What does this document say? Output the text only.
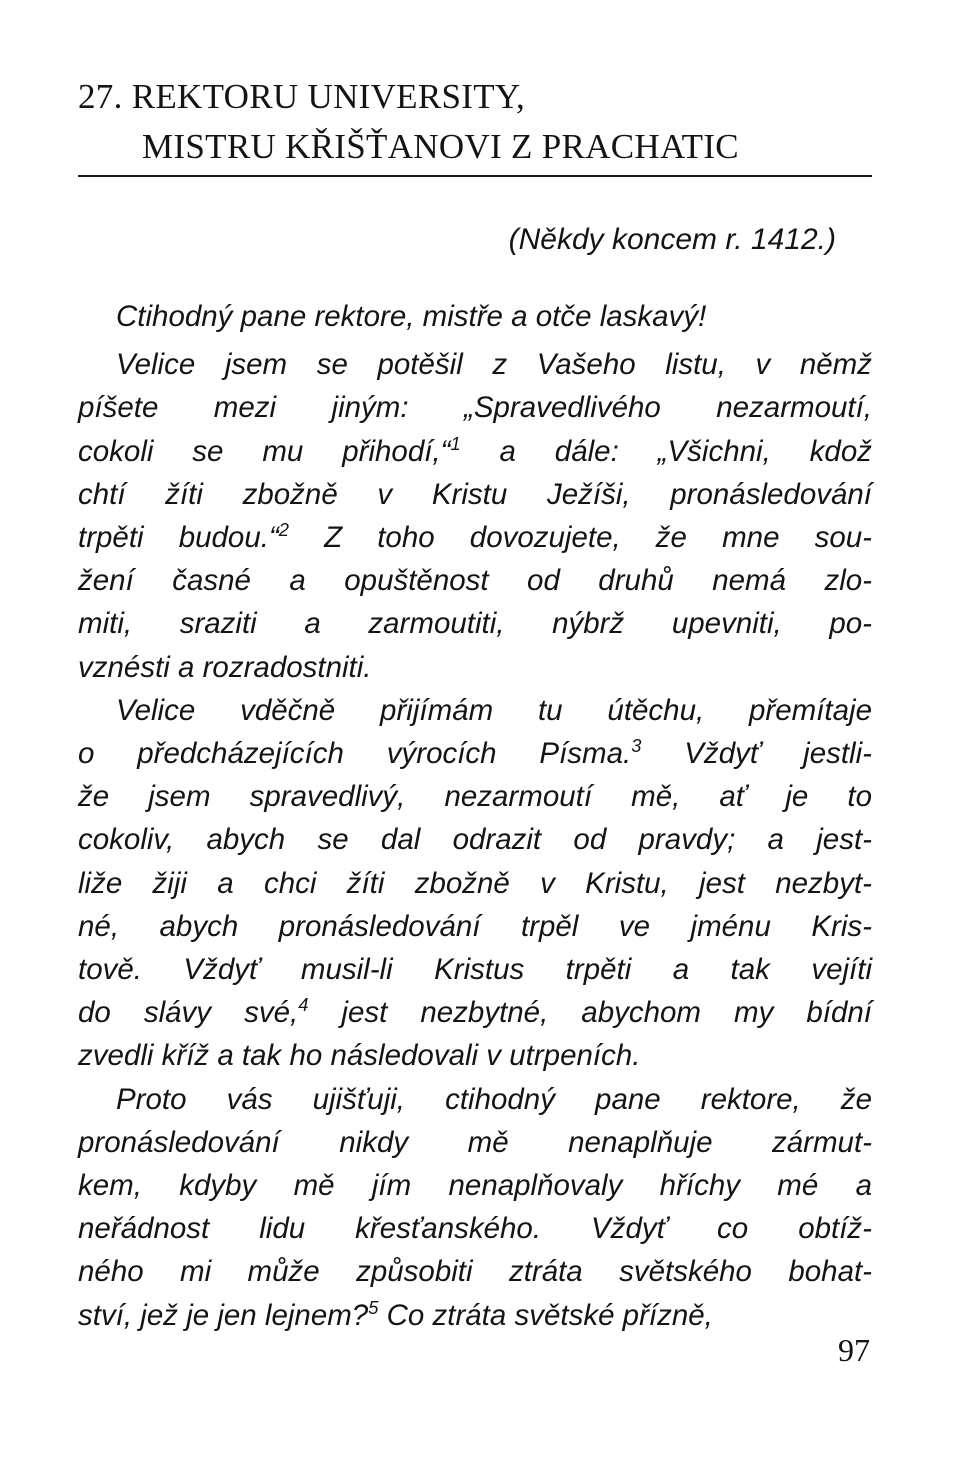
27. REKTORU UNIVERSITY,
MISTRU KŘIŠŤANOVI Z PRACHATIC
(Někdy koncem r. 1412.)
Ctihodný pane rektore, mistře a otče laskavý!
Velice jsem se potěšil z Vašeho listu, v němž
píšete mezi jiným: „Spravedlivého nezarmoutí,
cokoli se mu přihodí,“$^1$ a dále: „Všichni, kdož
chtí žíti zbožně v Kristu Ježíši, pronásledování
trpěti budou.“$^2$ Z toho dovozujete, že mne sou-
žení časné a opuštěnost od druhů nemá zlo-
miti, sraziti a zarmoutiti, nýbrž upevniti, po-
vznésti a rozradostniti.
Velice vděčně přijímám tu útěchu, přemítaje
o předcházejících výrocích Písma.$^3$ Vždyť jestli-
že jsem spravedlivý, nezarmoutí mě, ať je to
cokoliv, abych se dal odrazit od pravdy; a jest-
liže žiji a chci žíti zbožně v Kristu, jest nezbyt-
né, abych pronásledování trpěl ve jménu Kris-
tově. Vždyť musil-li Kristus trpěti a tak vejíti
do slávy své,$^4$ jest nezbytné, abychom my bídní
zvedli kříž a tak ho následovali v utrpeních.
Proto vás ujišťuji, ctihodný pane rektore, že
pronásledování nikdy mě nenaplňuje zármut-
kem, kdyby mě jím nenaplňovaly hříchy mé a
neřádnost lidu křesťanského. Vždyť co obtíž-
ného mi může způsobiti ztráta světského bohat-
ství, jež je jen lejnem?$^5$ Co ztráta světské přízně,
97
